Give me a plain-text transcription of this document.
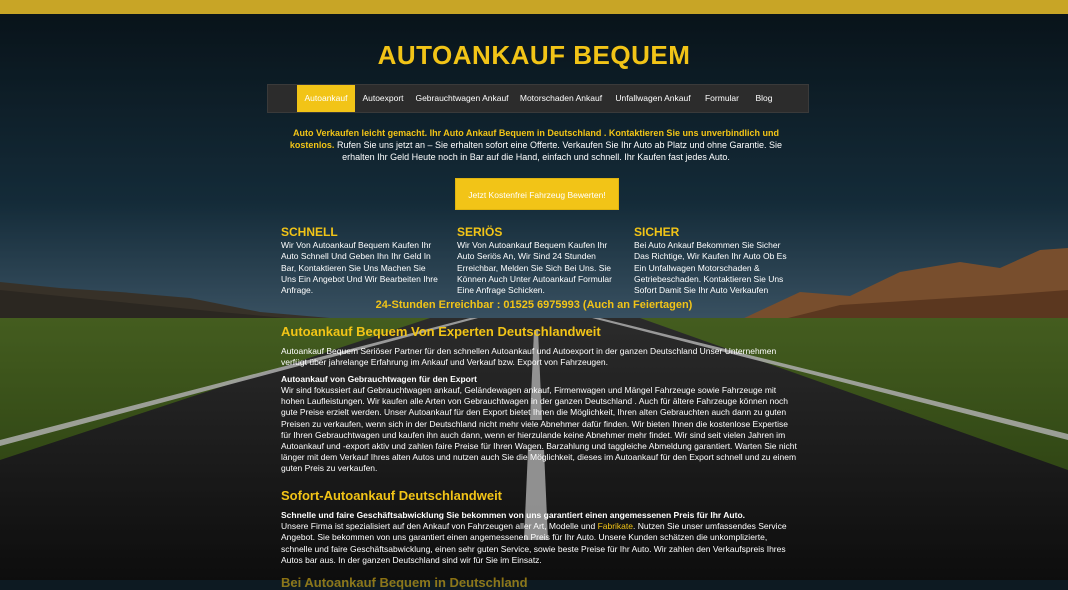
AUTOANKAUF BEQUEM
Autoankauf	Autoexport	Gebrauchtwagen Ankauf Motorschaden Ankauf Unfallwagen Ankauf	Formular	Blog
Auto Verkaufen leicht gemacht. Ihr Auto Ankauf Bequem in Deutschland . Kontaktieren Sie uns unverbindlich und kostenlos. Rufen Sie uns jetzt an – Sie erhalten sofort eine Offerte. Verkaufen Sie Ihr Auto ab Platz und ohne Garantie. Sie erhalten Ihr Geld Heute noch in Bar auf die Hand, einfach und schnell. Ihr Kaufen fast jedes Auto.
Jetzt Kostenfrei Fahrzeug Bewerten!
SCHNELL

Wir Von Autoankauf Bequem Kaufen Ihr Auto Schnell Und Geben Ihn Ihr Geld In Bar, Kontaktieren Sie Uns Machen Sie Uns Ein Angebot Und Wir Bearbeiten Ihre Anfrage.

SERIÖS

Wir Von Autoankauf Bequem Kaufen Ihr Auto Seriös An, Wir Sind 24 Stunden Erreichbar, Melden Sie Sich Bei Uns. Sie Können Auch Unter Autoankauf Formular Eine Anfrage Schicken.

SICHER

Bei Auto Ankauf Bekommen Sie Sicher Das Richtige, Wir Kaufen Ihr Auto Ob Es Ein Unfallwagen Motorschaden & Getriebeschaden. Kontaktieren Sie Uns Sofort Damit Sie Ihr Auto Verkaufen

24-Stunden Erreichbar : 01525 6975993 (Auch an Feiertagen)
Autoankauf Bequem Von Experten Deutschlandweit

Autoankauf Bequem Seriöser Partner für den schnellen Autoankauf und Autoexport in der ganzen Deutschland Unser Unternehmen verfügt über jahrelange Erfahrung im Ankauf und Verkauf bzw. Export von Fahrzeugen.

Autoankauf von Gebrauchtwagen für den Export

Wir sind fokussiert auf Gebrauchtwagen ankauf, Geländewagen ankauf, Firmenwagen und Mängel Fahrzeuge sowie Fahrzeuge mit hohen Laufleistungen. Wir kaufen alle Arten von Gebrauchtwagen in der ganzen Deutschland . Auch für ältere Fahrzeuge können noch gute Preise erzielt werden. Unser Autoankauf für den Export bietet Ihnen die Möglichkeit, Ihren alten Gebrauchten auch dann zu guten Preisen zu verkaufen, wenn sich in der Deutschland nicht mehr viele Abnehmer dafür finden. Wir bieten Ihnen die kostenlose Expertise für Ihren Gebrauchtwagen und kaufen ihn auch dann, wenn er hierzulande keine Abnehmer mehr findet. Wir sind seit vielen Jahren im Autoankauf und -export aktiv und zahlen faire Preise für Ihren Wagen. Barzahlung und taggleiche Abmeldung garantiert. Warten Sie nicht länger mit dem Verkauf Ihres alten Autos und nutzen auch Sie die Möglichkeit, dieses im Autoankauf für den Export schnell und zu einem guten Preis zu verkaufen.

Sofort-Autoankauf Deutschlandweit

Schnelle und faire Geschäftsabwicklung Sie bekommen von uns garantiert einen angemessenen Preis für Ihr Auto.
Unsere Firma ist spezialisiert auf den Ankauf von Fahrzeugen aller Art, Modelle und Fabrikate. Nutzen Sie unser umfassendes Service Angebot. Sie bekommen von uns garantiert einen angemessenen Preis für Ihr Auto. Unsere Kunden schätzen die unkomplizierte, schnelle und faire Geschäftsabwicklung, einen sehr guten Service, sowie beste Preise für Ihr Auto. Wir zahlen den Verkaufspreis Ihres Autos bar aus. In der ganzen Deutschland sind wir für Sie im Einsatz.

Bei Autoankauf Bequem in Deutschland
